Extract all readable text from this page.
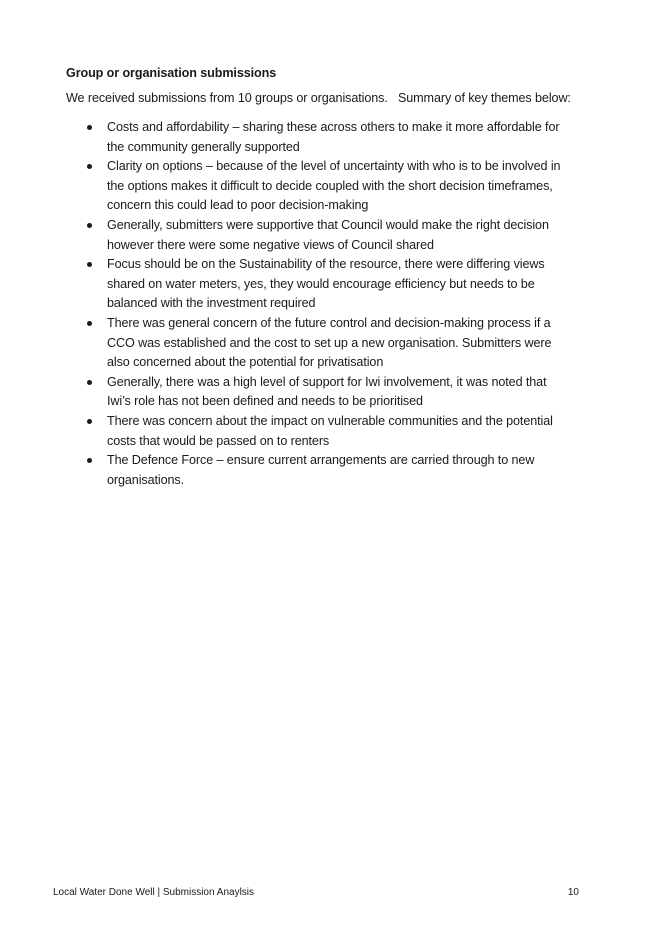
Group or organisation submissions
We received submissions from 10 groups or organisations.   Summary of key themes below:
Costs and affordability – sharing these across others to make it more affordable for
the community generally supported
Clarity on options – because of the level of uncertainty with who is to be involved in
the options makes it difficult to decide coupled with the short decision timeframes,
concern this could lead to poor decision-making
Generally, submitters were supportive that Council would make the right decision
however there were some negative views of Council shared
Focus should be on the Sustainability of the resource, there were differing views
shared on water meters, yes, they would encourage efficiency but needs to be
balanced with the investment required
There was general concern of the future control and decision-making process if a
CCO was established and the cost to set up a new organisation. Submitters were
also concerned about the potential for privatisation
Generally, there was a high level of support for Iwi involvement, it was noted that
Iwi’s role has not been defined and needs to be prioritised
There was concern about the impact on vulnerable communities and the potential
costs that would be passed on to renters
The Defence Force – ensure current arrangements are carried through to new
organisations.
Local Water Done Well | Submission Anaylsis	10
